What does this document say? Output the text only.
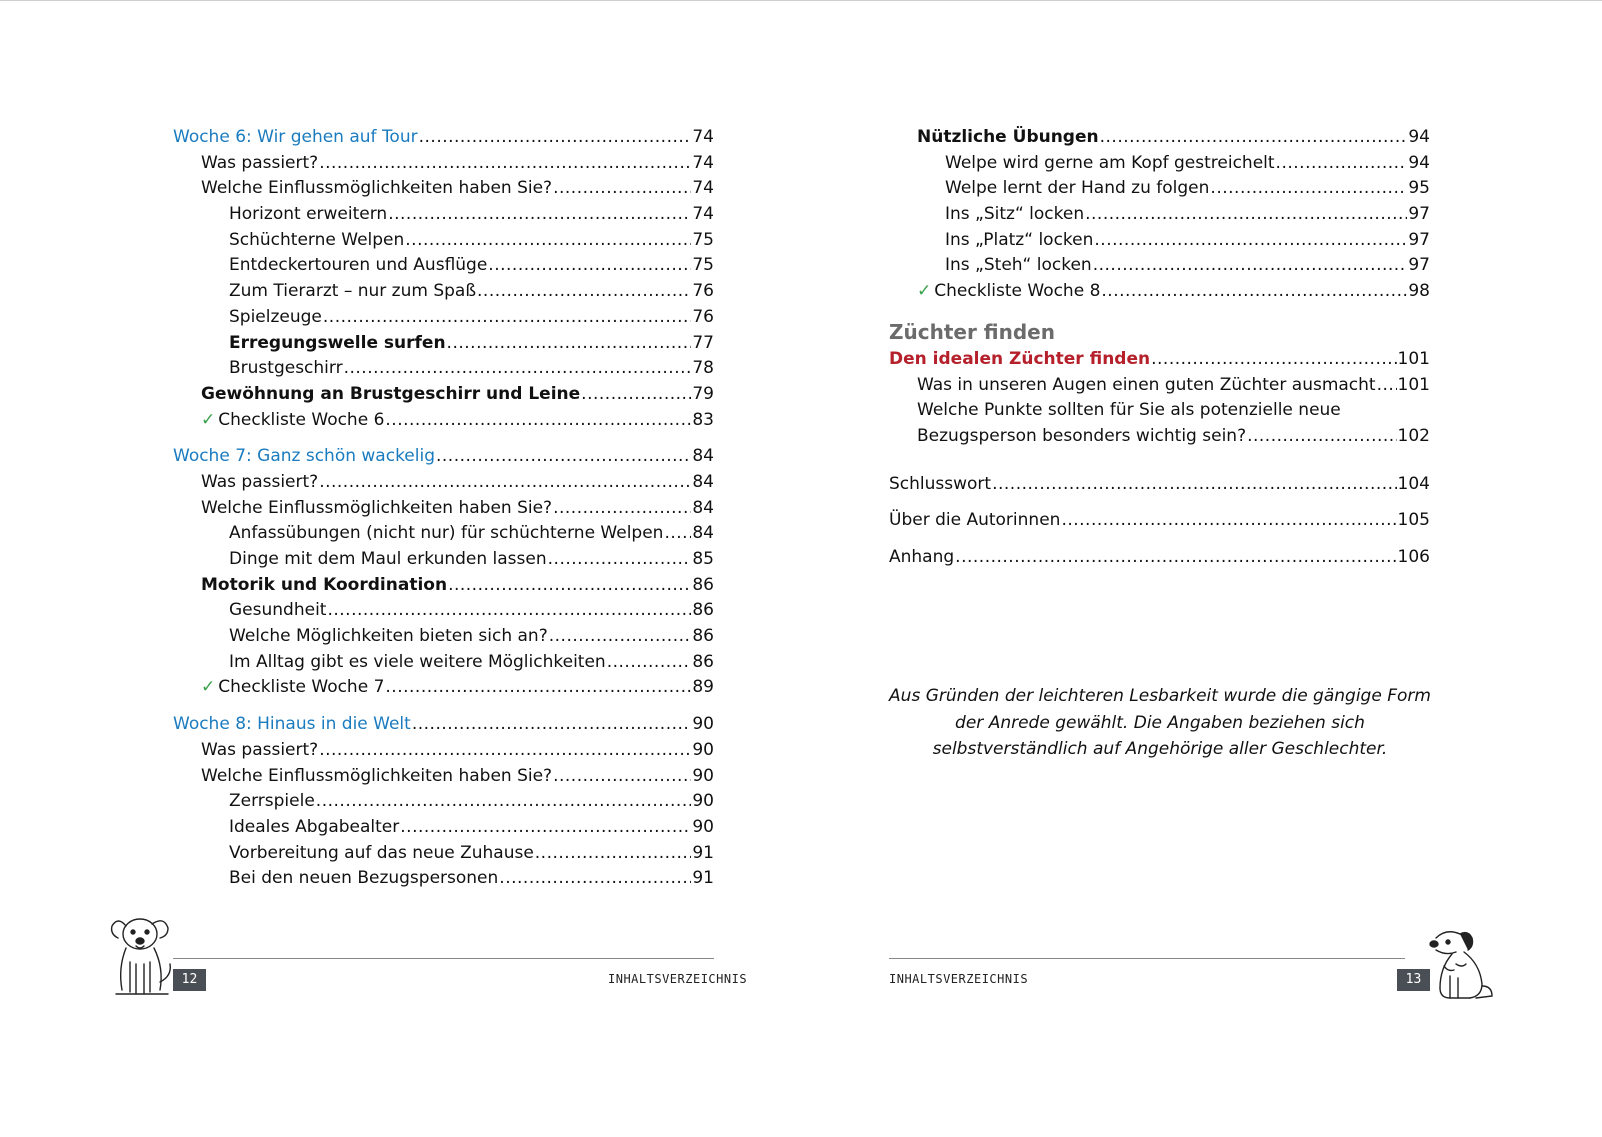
Woche 6: Wir gehen auf Tour .....	74
Was passiert? .....	74
Welche Einflussmöglichkeiten haben Sie? .....	74
Horizont erweitern .....	74
Schüchterne Welpen .....	75
Entdeckertouren und Ausflüge .....	75
Zum Tierarzt – nur zum Spaß .....	76
Spielzeuge .....	76
Erregungswelle surfen .....	77
Brustgeschirr .....	78
Gewöhnung an Brustgeschirr und Leine .....	79
✓ Checkliste Woche 6 .....	83
Woche 7: Ganz schön wackelig .....	84
Was passiert? .....	84
Welche Einflussmöglichkeiten haben Sie? .....	84
Anfassübungen (nicht nur) für schüchterne Welpen ..... 84
Dinge mit dem Maul erkunden lassen .....	85
Motorik und Koordination .....	86
Gesundheit .....	86
Welche Möglichkeiten bieten sich an? .....	86
Im Alltag gibt es viele weitere Möglichkeiten .....	86
✓ Checkliste Woche 7 .....	89
Woche 8: Hinaus in die Welt .....	90
Was passiert? .....	90
Welche Einflussmöglichkeiten haben Sie? .....	90
Zerrspiele .....	90
Ideales Abgabealter .....	90
Vorbereitung auf das neue Zuhause .....	91
Bei den neuen Bezugspersonen .....	91
Nützliche Übungen .....	94
Welpe wird gerne am Kopf gestreichelt .....	94
Welpe lernt der Hand zu folgen .....	95
Ins „Sitz“ locken .....	97
Ins „Platz“ locken .....	97
Ins „Steh“ locken .....	97
✓ Checkliste Woche 8 .....	98
Züchter finden
Den idealen Züchter finden .....	101
Was in unseren Augen einen guten Züchter ausmacht ..... 101
Welche Punkte sollten für Sie als potenzielle neue
Bezugsperson besonders wichtig sein? .....	102
Schlusswort .....	104
Über die Autorinnen .....	105
Anhang .....	106
Aus Gründen der leichteren Lesbarkeit wurde die gängige Form der Anrede gewählt. Die Angaben beziehen sich selbstverständlich auf Angehörige aller Geschlechter.
12	INHALTSVERZEICHNIS	13
INHALTSVERZEICHNIS
